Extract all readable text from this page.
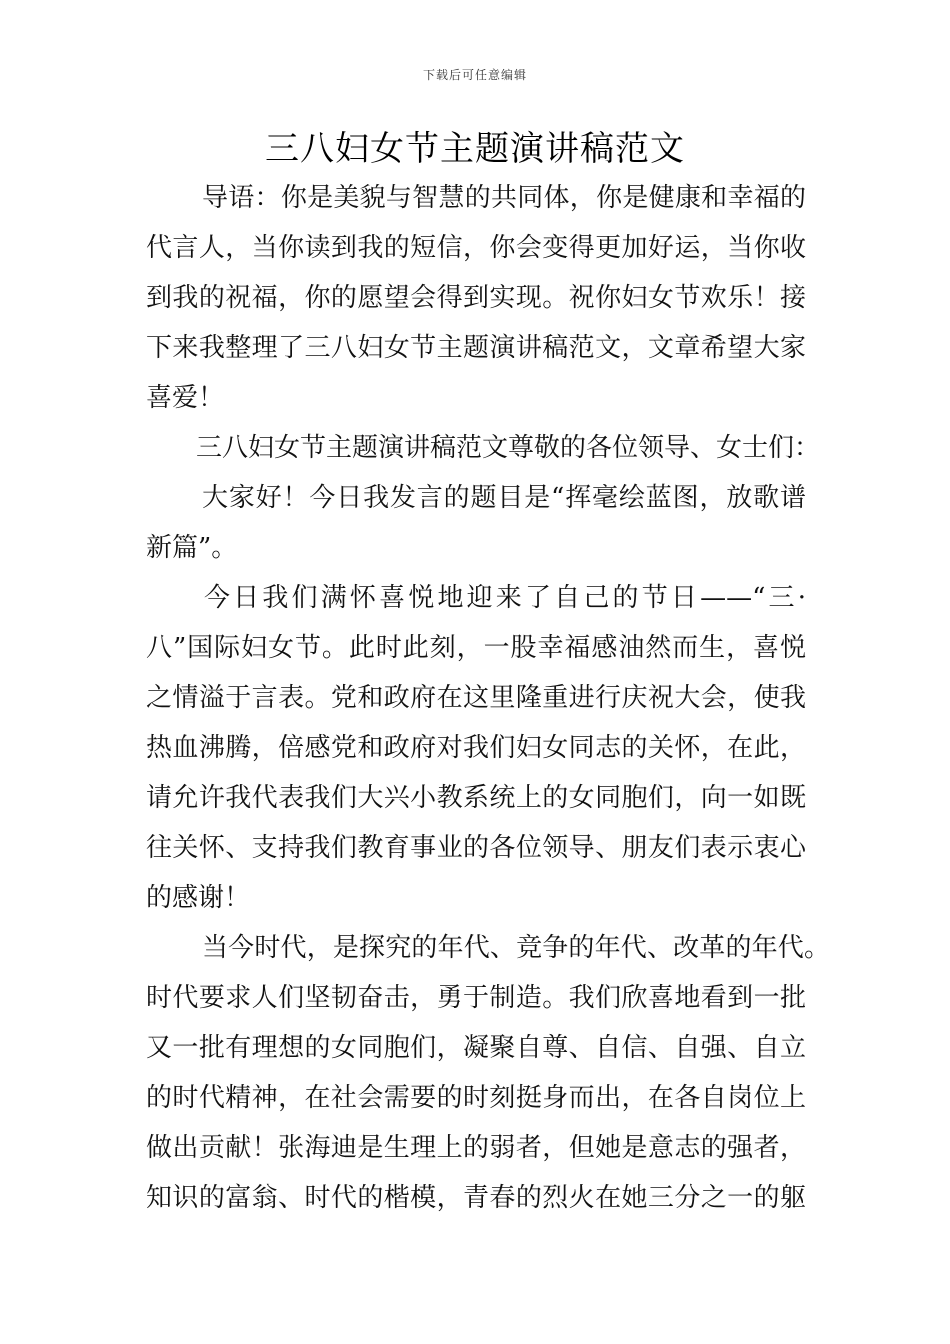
下载后可任意编辑
三八妇女节主题演讲稿范文
导语：你是美貌与智慧的共同体，你是健康和幸福的
代言人，当你读到我的短信，你会变得更加好运，当你收
到我的祝福，你的愿望会得到实现。祝你妇女节欢乐！接
下来我整理了三八妇女节主题演讲稿范文，文章希望大家
喜爱！
三八妇女节主题演讲稿范文尊敬的各位领导、女士们：
大家好！今日我发言的题目是“挥毫绘蓝图，放歌谱
新篇”。
今日我们满怀喜悦地迎来了自己的节日——“三·
八”国际妇女节。此时此刻，一股幸福感油然而生，喜悦
之情溢于言表。党和政府在这里隆重进行庆祝大会，使我
热血沸腾，倍感党和政府对我们妇女同志的关怀，在此，
请允许我代表我们大兴小教系统上的女同胞们，向一如既
往关怀、支持我们教育事业的各位领导、朋友们表示衷心
的感谢！
当今时代，是探究的年代、竞争的年代、改革的年代。
时代要求人们坚韧奋击，勇于制造。我们欣喜地看到一批
又一批有理想的女同胞们，凝聚自尊、自信、自强、自立
的时代精神，在社会需要的时刻挺身而出，在各自岗位上
做出贡献！张海迪是生理上的弱者，但她是意志的强者，
知识的富翁、时代的楷模，青春的烈火在她三分之一的躯
